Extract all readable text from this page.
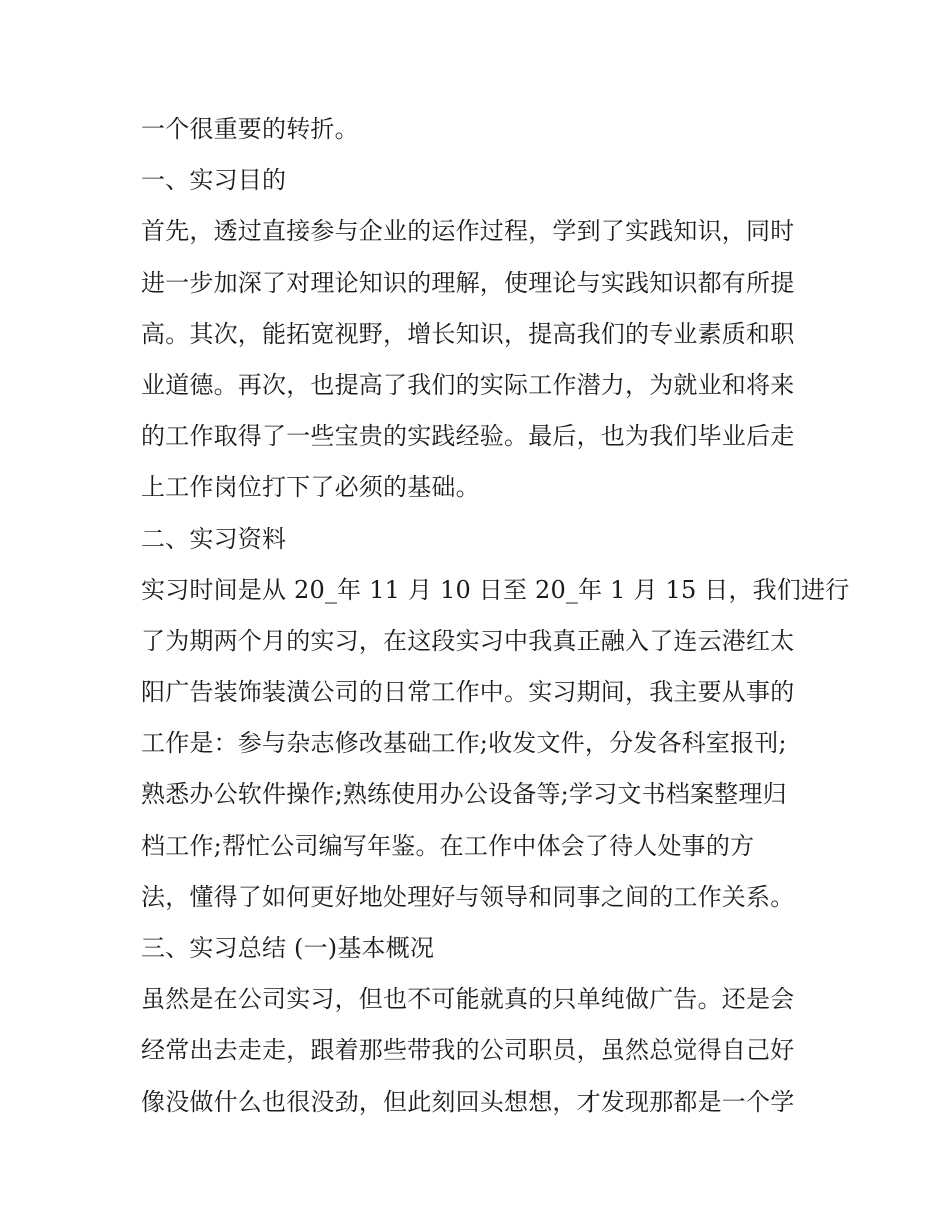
一个很重要的转折。
一、实习目的
首先，透过直接参与企业的运作过程，学到了实践知识，同时
进一步加深了对理论知识的理解，使理论与实践知识都有所提
高。其次，能拓宽视野，增长知识，提高我们的专业素质和职
业道德。再次，也提高了我们的实际工作潜力，为就业和将来
的工作取得了一些宝贵的实践经验。最后，也为我们毕业后走
上工作岗位打下了必须的基础。
二、实习资料
实习时间是从 20_年 11 月 10 日至 20_年 1 月 15 日，我们进行
了为期两个月的实习，在这段实习中我真正融入了连云港红太
阳广告装饰装潢公司的日常工作中。实习期间，我主要从事的
工作是：参与杂志修改基础工作;收发文件，分发各科室报刊;
熟悉办公软件操作;熟练使用办公设备等;学习文书档案整理归
档工作;帮忙公司编写年鉴。在工作中体会了待人处事的方
法，懂得了如何更好地处理好与领导和同事之间的工作关系。
三、实习总结 (一)基本概况
虽然是在公司实习，但也不可能就真的只单纯做广告。还是会
经常出去走走，跟着那些带我的公司职员，虽然总觉得自己好
像没做什么也很没劲，但此刻回头想想，才发现那都是一个学
